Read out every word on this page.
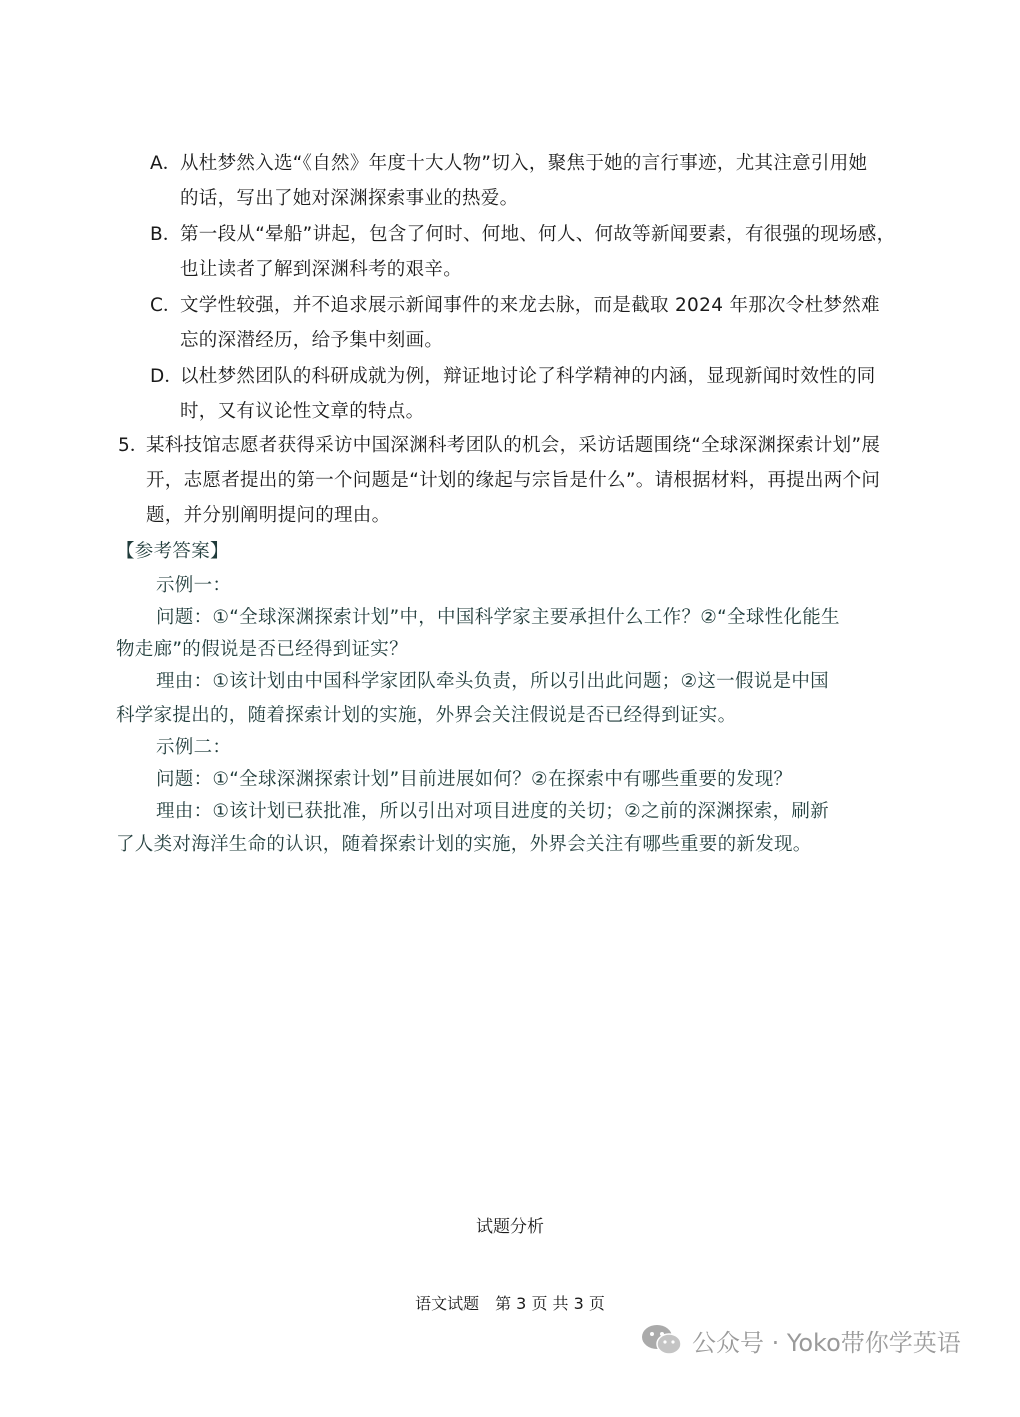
A．
从杜梦然入选“《自然》年度十大人物”切入，聚焦于她的言行事迹，尤其注意引用她
的话，写出了她对深渊探索事业的热爱。
B．
第一段从“晕船”讲起，包含了何时、何地、何人、何故等新闻要素，有很强的现场感，
也让读者了解到深渊科考的艰辛。
C．
文学性较强，并不追求展示新闻事件的来龙去脉，而是截取 2024 年那次令杜梦然难
忘的深潜经历，给予集中刻画。
D．
以杜梦然团队的科研成就为例，辩证地讨论了科学精神的内涵，显现新闻时效性的同
时，又有议论性文章的特点。
5．
某科技馆志愿者获得采访中国深渊科考团队的机会，采访话题围绕“全球深渊探索计划”展
开，志愿者提出的第一个问题是“计划的缘起与宗旨是什么”。请根据材料，再提出两个问
题，并分别阐明提问的理由。
【参考答案】
示例一：
问题：①“全球深渊探索计划”中，中国科学家主要承担什么工作？②“全球性化能生
物走廊”的假说是否已经得到证实？
理由：①该计划由中国科学家团队牵头负责，所以引出此问题；②这一假说是中国
科学家提出的，随着探索计划的实施，外界会关注假说是否已经得到证实。
示例二：
问题：①“全球深渊探索计划”目前进展如何？②在探索中有哪些重要的发现？
理由：①该计划已获批准，所以引出对项目进度的关切；②之前的深渊探索，刷新
了人类对海洋生命的认识，随着探索计划的实施，外界会关注有哪些重要的新发现。
试题分析
语文试题　第 3 页 共 3 页
公众号 · Yoko带你学英语
